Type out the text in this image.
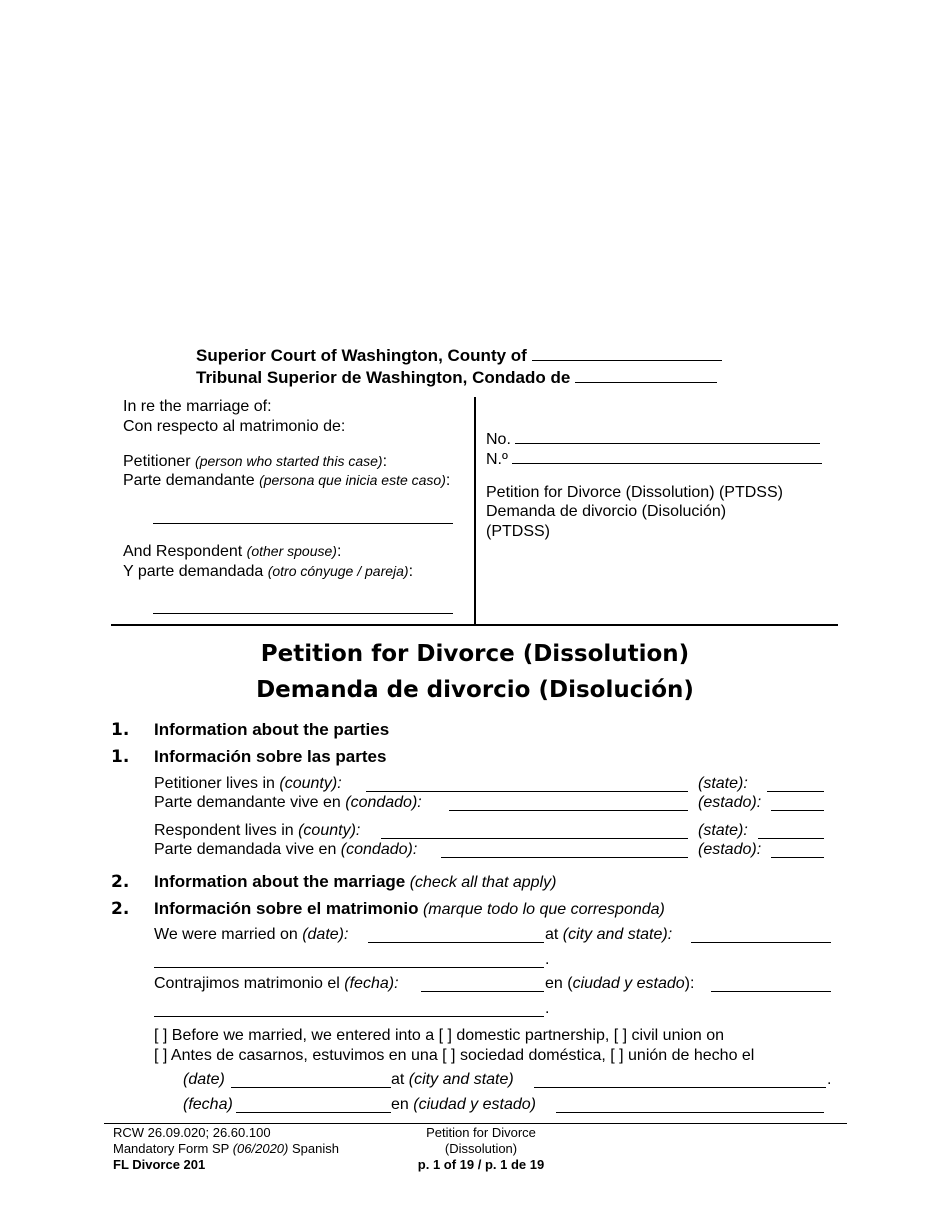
Superior Court of Washington, County of
Tribunal Superior de Washington, Condado de
In re the marriage of:
Con respecto al matrimonio de:
Petitioner (person who started this case):
Parte demandante (persona que inicia este caso):
And Respondent (other spouse):
Y parte demandada (otro cónyuge / pareja):
No.
N.º
Petition for Divorce (Dissolution) (PTDSS)
Demanda de divorcio (Disolución)
(PTDSS)
Petition for Divorce (Dissolution)
Demanda de divorcio (Disolución)
1. Information about the parties
1. Información sobre las partes
Petitioner lives in (county):	(state):
Parte demandante vive en (condado):	(estado):
Respondent lives in (county):	(state):
Parte demandada vive en (condado):	(estado):
2. Information about the marriage (check all that apply)
2. Información sobre el matrimonio (marque todo lo que corresponda)
We were married on (date):	at (city and state):
.
Contrajimos matrimonio el (fecha):	en (ciudad y estado):
.
[ ] Before we married, we entered into a [ ] domestic partnership, [ ] civil union on
[ ] Antes de casarnos, estuvimos en una [ ] sociedad doméstica, [ ] unión de hecho el
(date)	at (city and state)	.
(fecha)	en (ciudad y estado)
RCW 26.09.020; 26.60.100
Mandatory Form SP (06/2020) Spanish
FL Divorce 201
Petition for Divorce
(Dissolution)
p. 1 of 19 / p. 1 de 19
